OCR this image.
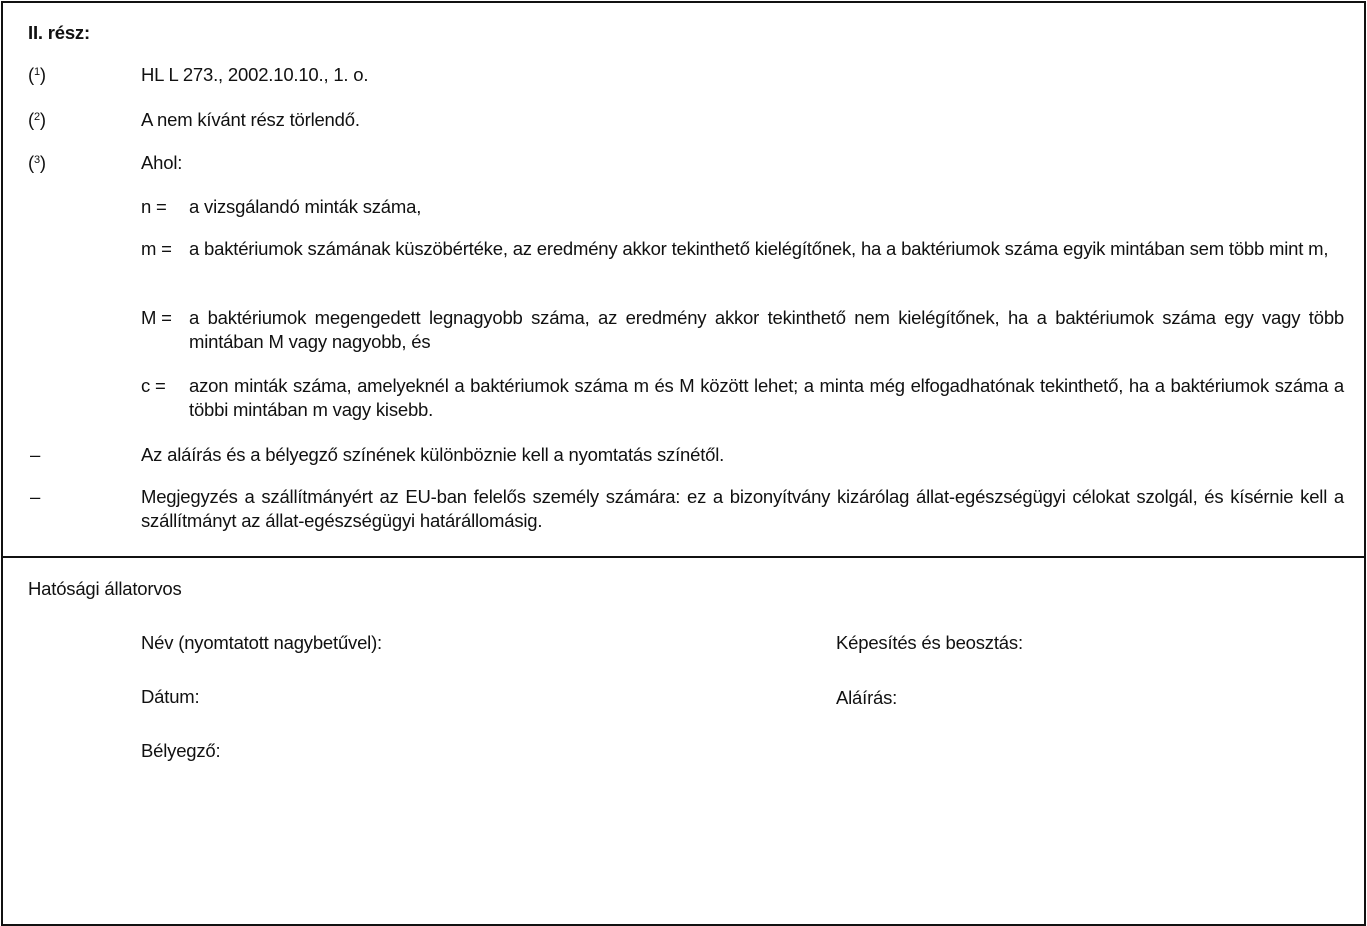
II. rész:
($^1$)	HL L 273., 2002.10.10., 1. o.
($^2$)	A nem kívánt rész törlendő.
($^3$)	Ahol:
n = a vizsgálandó minták száma,
m = a baktériumok számának küszöbértéke, az eredmény akkor tekinthető kielégítőnek, ha a baktériumok száma egyik mintában sem több mint m,
M = a baktériumok megengedett legnagyobb száma, az eredmény akkor tekinthető nem kielégítőnek, ha a baktériumok száma egy vagy több mintában M vagy nagyobb, és
c = azon minták száma, amelyeknél a baktériumok száma m és M között lehet; a minta még elfogadhatónak tekinthető, ha a baktériumok száma a többi mintában m vagy kisebb.
–	Az aláírás és a bélyegző színének különböznie kell a nyomtatás színétől.
–	Megjegyzés a szállítmányért az EU-ban felelős személy számára: ez a bizonyítvány kizárólag állat-egészségügyi célokat szolgál, és kísérnie kell a szállítmányt az állat-egészségügyi határállomásig.
Hatósági állatorvos
Név (nyomtatott nagybetűvel):	Képesítés és beosztás:
Dátum:	Aláírás:
Bélyegző:
